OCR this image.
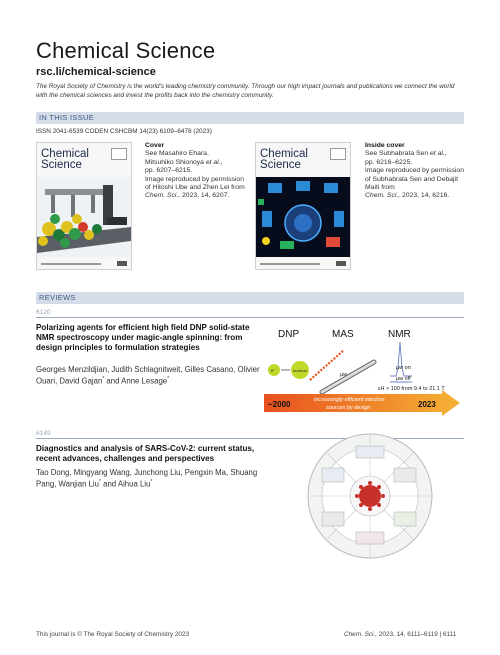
Chemical Science
rsc.li/chemical-science
The Royal Society of Chemistry is the world's leading chemistry community. Through our high impact journals and publications we connect the world with the chemical sciences and invest the profits back into the chemistry community.
IN THIS ISSUE
ISSN 2041-6539 CODEN CSHCBM 14(23) 6109–6478 (2023)
Chemical
Science
Cover
See Masahiro Ehara,
Mitsuhiko Shionoya et al.,
pp. 6207–6215.
Image reproduced by permission of Hitoshi Ube and Zhen Lei from
Chem. Sci., 2023, 14, 6207.
Chemical
Science
Inside cover
See Subhabrata Sen et al.,
pp. 6216–6225.
Image reproduced by permission of Subhabrata Sen and Debajit Maiti from
Chem. Sci., 2023, 14, 6216.
REVIEWS
6120
Polarizing agents for efficient high field DNP solid-state NMR spectroscopy under magic-angle spinning: from design principles to formulation strategies
Georges Menzildjian, Judith Schlagnitweit, Gilles Casano, Olivier Ouari, David Gajan* and Anne Lesage*
DNP	MAS	NMR
e⁻	nucleus
µw
µw on
µw off
εH > 100 from 9.4 to 21.1 T
~2000	increasingly efficient electron
sources by design	2023
6149
Diagnostics and analysis of SARS-CoV-2: current status, recent advances, challenges and perspectives
Tao Dong, Mingyang Wang, Junchong Liu, Pengxin Ma, Shuang Pang, Wanjian Liu* and Aihua Liu*
This journal is © The Royal Society of Chemistry 2023	Chem. Sci., 2023, 14, 6111–6119 | 6111
